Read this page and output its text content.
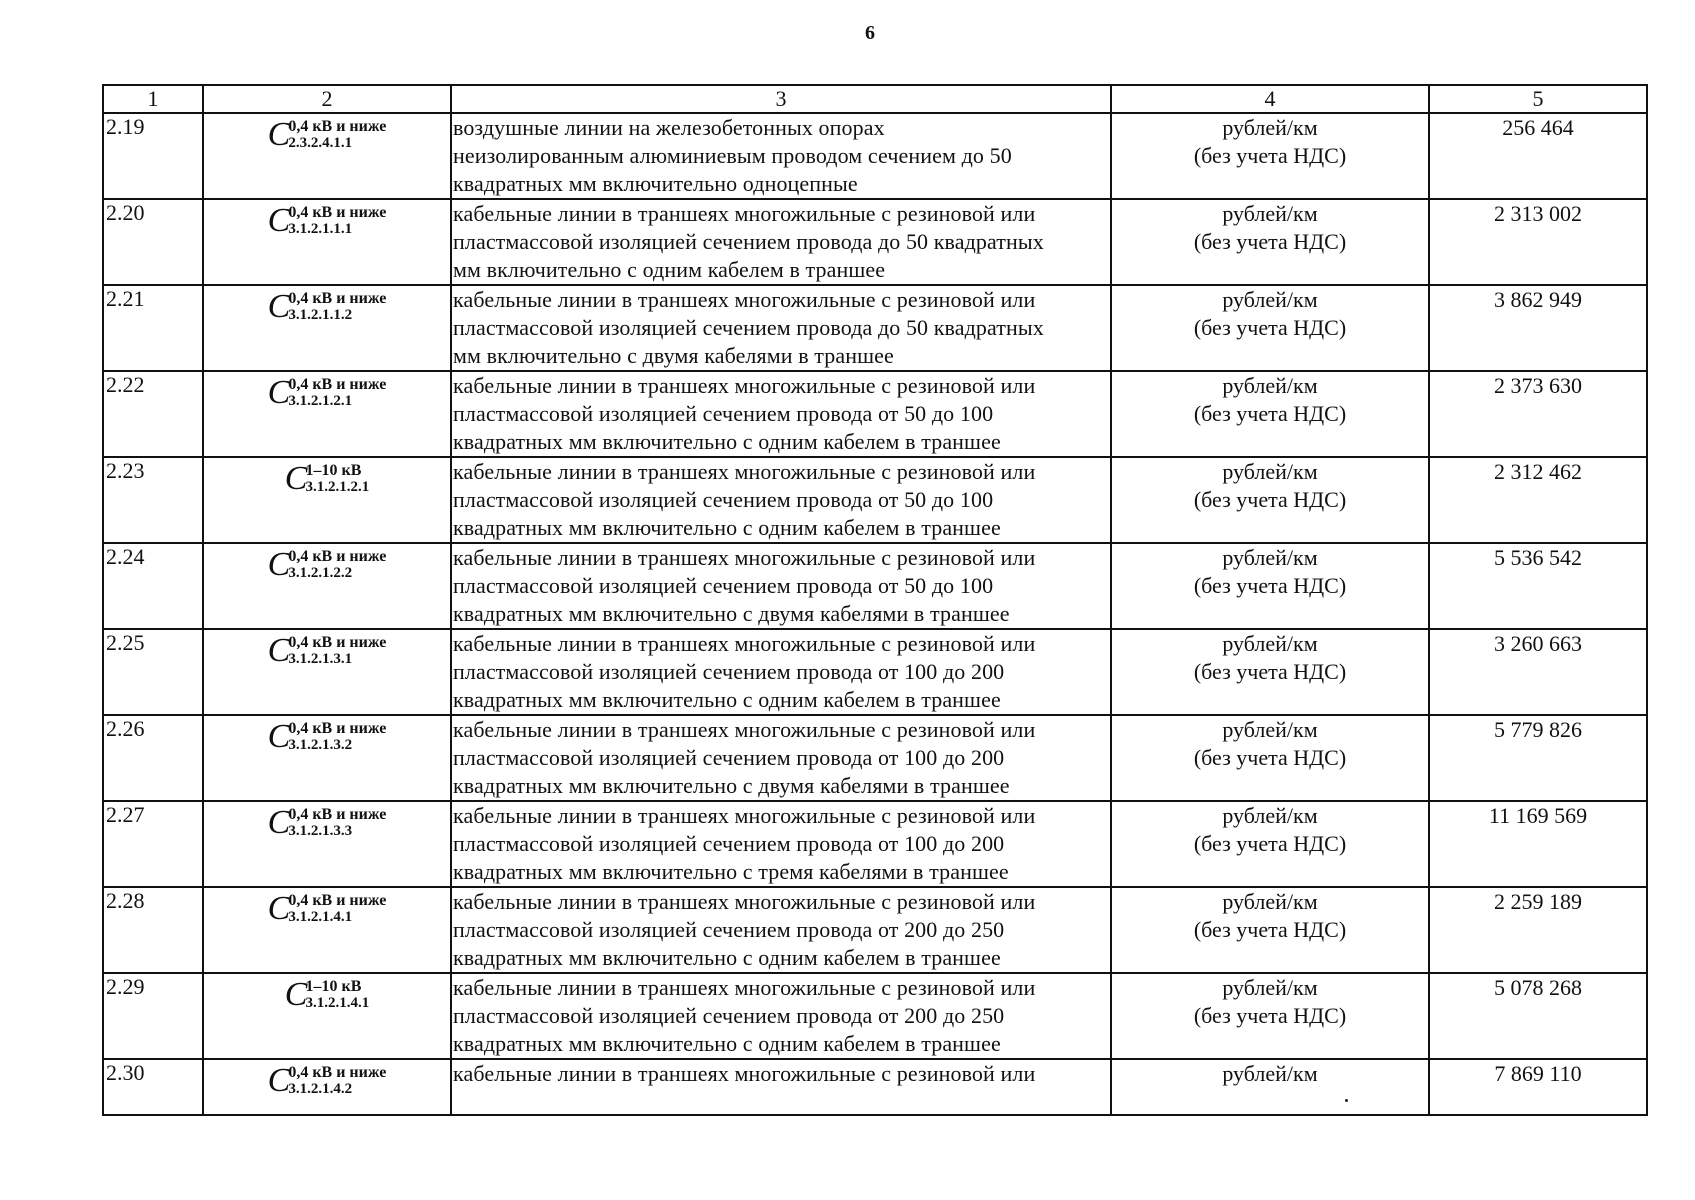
6
1	2	3	4	5
2.19	C
0,4 кВ и ниже
2.3.2.4.1.1	воздушные линии на железобетонных опорах
неизолированным алюминиевым проводом сечением до 50
квадратных мм включительно одноцепные	рублей/км
(без учета НДС)	256 464
2.20	C
0,4 кВ и ниже
3.1.2.1.1.1	кабельные линии в траншеях многожильные с резиновой или
пластмассовой изоляцией сечением провода до 50 квадратных
мм включительно с одним кабелем в траншее	рублей/км
(без учета НДС)	2 313 002
2.21	C
0,4 кВ и ниже
3.1.2.1.1.2	кабельные линии в траншеях многожильные с резиновой или
пластмассовой изоляцией сечением провода до 50 квадратных
мм включительно с двумя кабелями в траншее	рублей/км
(без учета НДС)	3 862 949
2.22	C
0,4 кВ и ниже
3.1.2.1.2.1	кабельные линии в траншеях многожильные с резиновой или
пластмассовой изоляцией сечением провода от 50 до 100
квадратных мм включительно с одним кабелем в траншее	рублей/км
(без учета НДС)	2 373 630
2.23	C
1–10 кВ
3.1.2.1.2.1	кабельные линии в траншеях многожильные с резиновой или
пластмассовой изоляцией сечением провода от 50 до 100
квадратных мм включительно с одним кабелем в траншее	рублей/км
(без учета НДС)	2 312 462
2.24	C
0,4 кВ и ниже
3.1.2.1.2.2	кабельные линии в траншеях многожильные с резиновой или
пластмассовой изоляцией сечением провода от 50 до 100
квадратных мм включительно с двумя кабелями в траншее	рублей/км
(без учета НДС)	5 536 542
2.25	C
0,4 кВ и ниже
3.1.2.1.3.1	кабельные линии в траншеях многожильные с резиновой или
пластмассовой изоляцией сечением провода от 100 до 200
квадратных мм включительно с одним кабелем в траншее	рублей/км
(без учета НДС)	3 260 663
2.26	C
0,4 кВ и ниже
3.1.2.1.3.2	кабельные линии в траншеях многожильные с резиновой или
пластмассовой изоляцией сечением провода от 100 до 200
квадратных мм включительно с двумя кабелями в траншее	рублей/км
(без учета НДС)	5 779 826
2.27	C
0,4 кВ и ниже
3.1.2.1.3.3	кабельные линии в траншеях многожильные с резиновой или
пластмассовой изоляцией сечением провода от 100 до 200
квадратных мм включительно с тремя кабелями в траншее	рублей/км
(без учета НДС)	11 169 569
2.28	C
0,4 кВ и ниже
3.1.2.1.4.1	кабельные линии в траншеях многожильные с резиновой или
пластмассовой изоляцией сечением провода от 200 до 250
квадратных мм включительно с одним кабелем в траншее	рублей/км
(без учета НДС)	2 259 189
2.29	C
1–10 кВ
3.1.2.1.4.1	кабельные линии в траншеях многожильные с резиновой или
пластмассовой изоляцией сечением провода от 200 до 250
квадратных мм включительно с одним кабелем в траншее	рублей/км
(без учета НДС)	5 078 268
2.30	C
0,4 кВ и ниже
3.1.2.1.4.2	кабельные линии в траншеях многожильные с резиновой или	рублей/км	7 869 110
